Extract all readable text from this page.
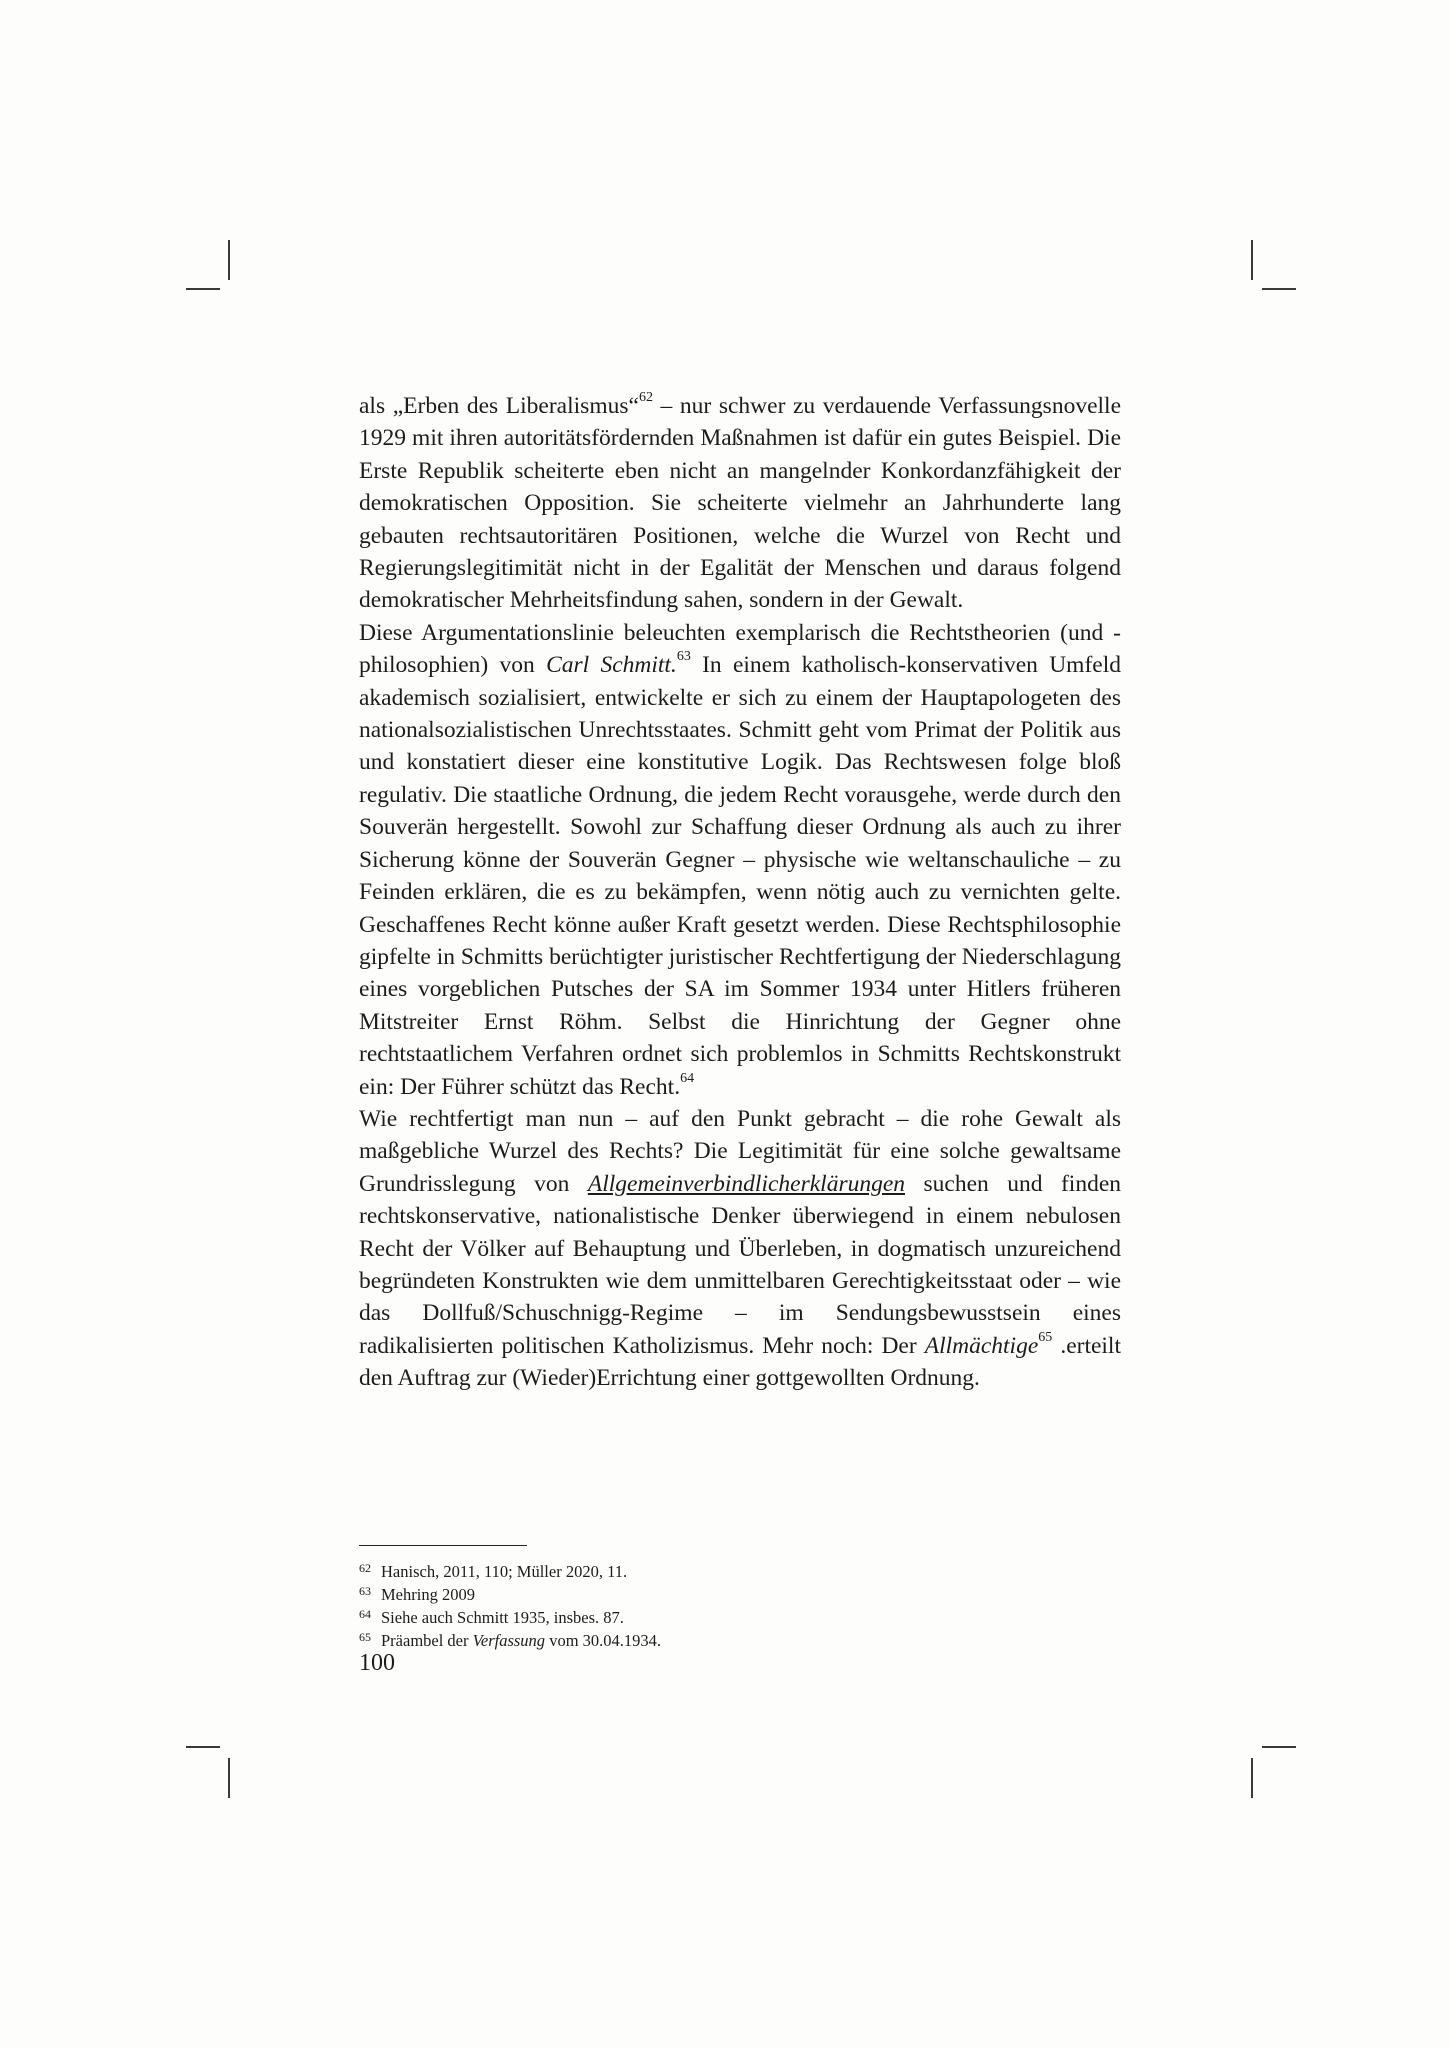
als „Erben des Liberalismus“$^{62}$ – nur schwer zu verdauende Verfassungsnovelle 1929 mit ihren autoritätsfördernden Maßnahmen ist dafür ein gutes Beispiel. Die Erste Republik scheiterte eben nicht an mangelnder Konkordanzfähigkeit der demokratischen Opposition. Sie scheiterte vielmehr an Jahrhunderte lang gebauten rechtsautoritären Positionen, welche die Wurzel von Recht und Regierungslegitimität nicht in der Egalität der Menschen und daraus folgend demokratischer Mehrheitsfindung sahen, sondern in der Gewalt.

Diese Argumentationslinie beleuchten exemplarisch die Rechtstheorien (und -philosophien) von Carl Schmitt.$^{63}$ In einem katholisch-konservativen Umfeld akademisch sozialisiert, entwickelte er sich zu einem der Hauptapologeten des nationalsozialistischen Unrechtsstaates. Schmitt geht vom Primat der Politik aus und konstatiert dieser eine konstitutive Logik. Das Rechtswesen folge bloß regulativ. Die staatliche Ordnung, die jedem Recht vorausgehe, werde durch den Souverän hergestellt. Sowohl zur Schaffung dieser Ordnung als auch zu ihrer Sicherung könne der Souverän Gegner – physische wie weltanschauliche – zu Feinden erklären, die es zu bekämpfen, wenn nötig auch zu vernichten gelte. Geschaffenes Recht könne außer Kraft gesetzt werden. Diese Rechtsphilosophie gipfelte in Schmitts berüchtigter juristischer Rechtfertigung der Niederschlagung eines vorgeblichen Putsches der SA im Sommer 1934 unter Hitlers früheren Mitstreiter Ernst Röhm. Selbst die Hinrichtung der Gegner ohne rechtstaatlichem Verfahren ordnet sich problemlos in Schmitts Rechtskonstrukt ein: Der Führer schützt das Recht.$^{64}$

Wie rechtfertigt man nun – auf den Punkt gebracht – die rohe Gewalt als maßgebliche Wurzel des Rechts? Die Legitimität für eine solche gewaltsame Grundrisslegung von Allgemeinverbindlicherklärungen suchen und finden rechtskonservative, nationalistische Denker überwiegend in einem nebulosen Recht der Völker auf Behauptung und Überleben, in dogmatisch unzureichend begründeten Konstrukten wie dem unmittelbaren Gerechtigkeitsstaat oder – wie das Dollfuß/Schuschnigg-Regime – im Sendungsbewusstsein eines radikalisierten politischen Katholizismus. Mehr noch: Der Allmächtige$^{65}$ .erteilt den Auftrag zur (Wieder)Errichtung einer gottgewollten Ordnung.

62 Hanisch, 2011, 110; Müller 2020, 11.
63 Mehring 2009
64 Siehe auch Schmitt 1935, insbes. 87.
65 Präambel der Verfassung vom 30.04.1934.
100
